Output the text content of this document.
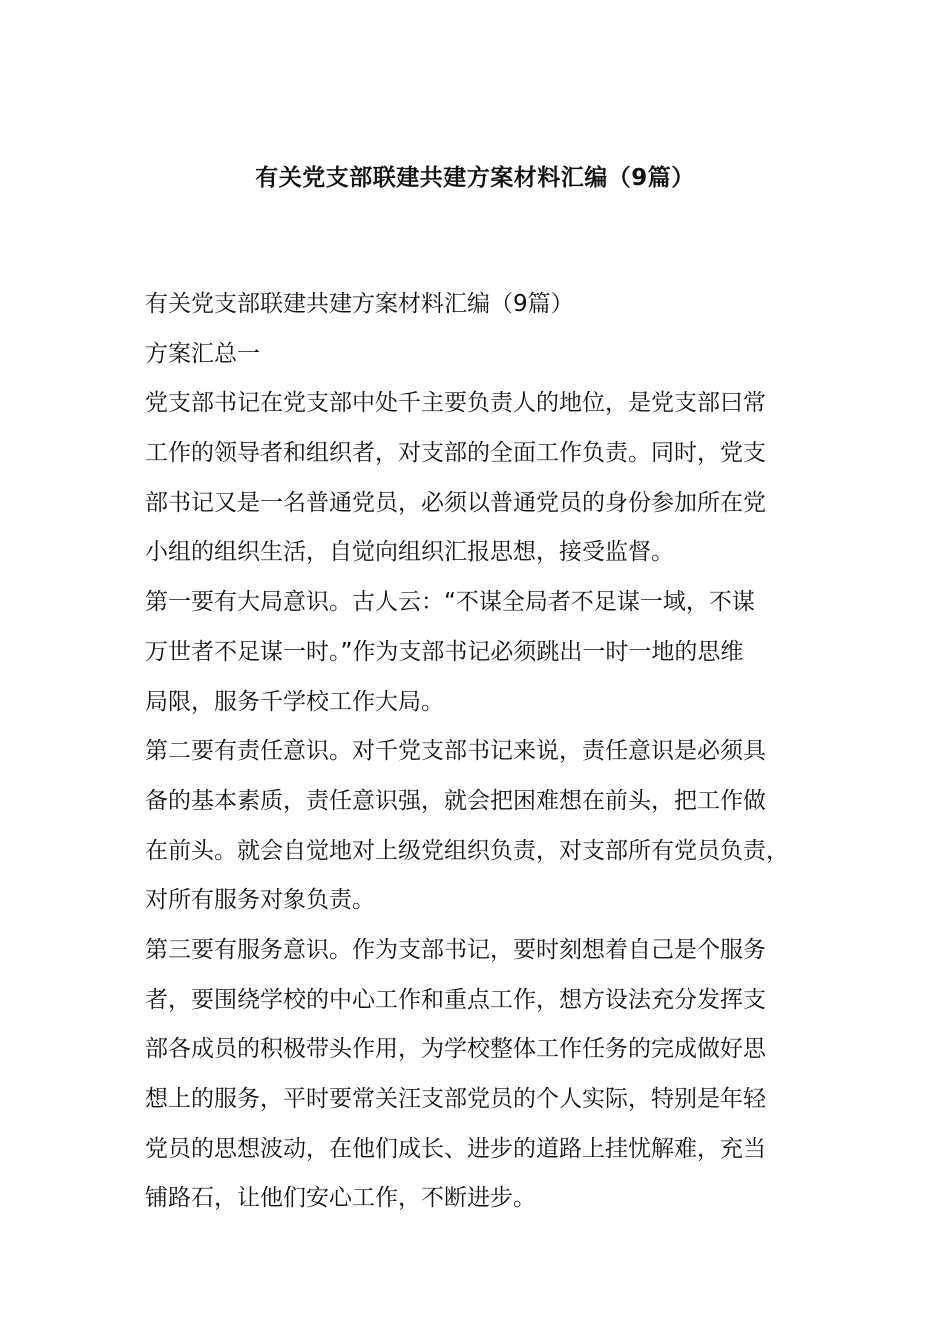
有关党支部联建共建方案材料汇编（9篇）
有关党支部联建共建方案材料汇编（9篇）
方案汇总一
党支部书记在党支部中处千主要负责人的地位，是党支部曰常
工作的领导者和组织者，对支部的全面工作负责。同时，党支
部书记又是一名普通党员，必须以普通党员的身份参加所在党
小组的组织生活，自觉向组织汇报思想，接受监督。
第一要有大局意识。古人云：“不谋全局者不足谋一域，不谋
万世者不足谋一时。”作为支部书记必须跳出一时一地的思维
局限，服务千学校工作大局。
第二要有责任意识。对千党支部书记来说，责任意识是必须具
备的基本素质，责任意识强，就会把困难想在前头，把工作做
在前头。就会自觉地对上级党组织负责，对支部所有党员负责，
对所有服务对象负责。
第三要有服务意识。作为支部书记，要时刻想着自己是个服务
者，要围绕学校的中心工作和重点工作，想方设法充分发挥支
部各成员的积极带头作用，为学校整体工作任务的完成做好思
想上的服务，平时要常关汪支部党员的个人实际，特别是年轻
党员的思想波动，在他们成长、进步的道路上挂忧解难，充当
铺路石，让他们安心工作，不断进步。
